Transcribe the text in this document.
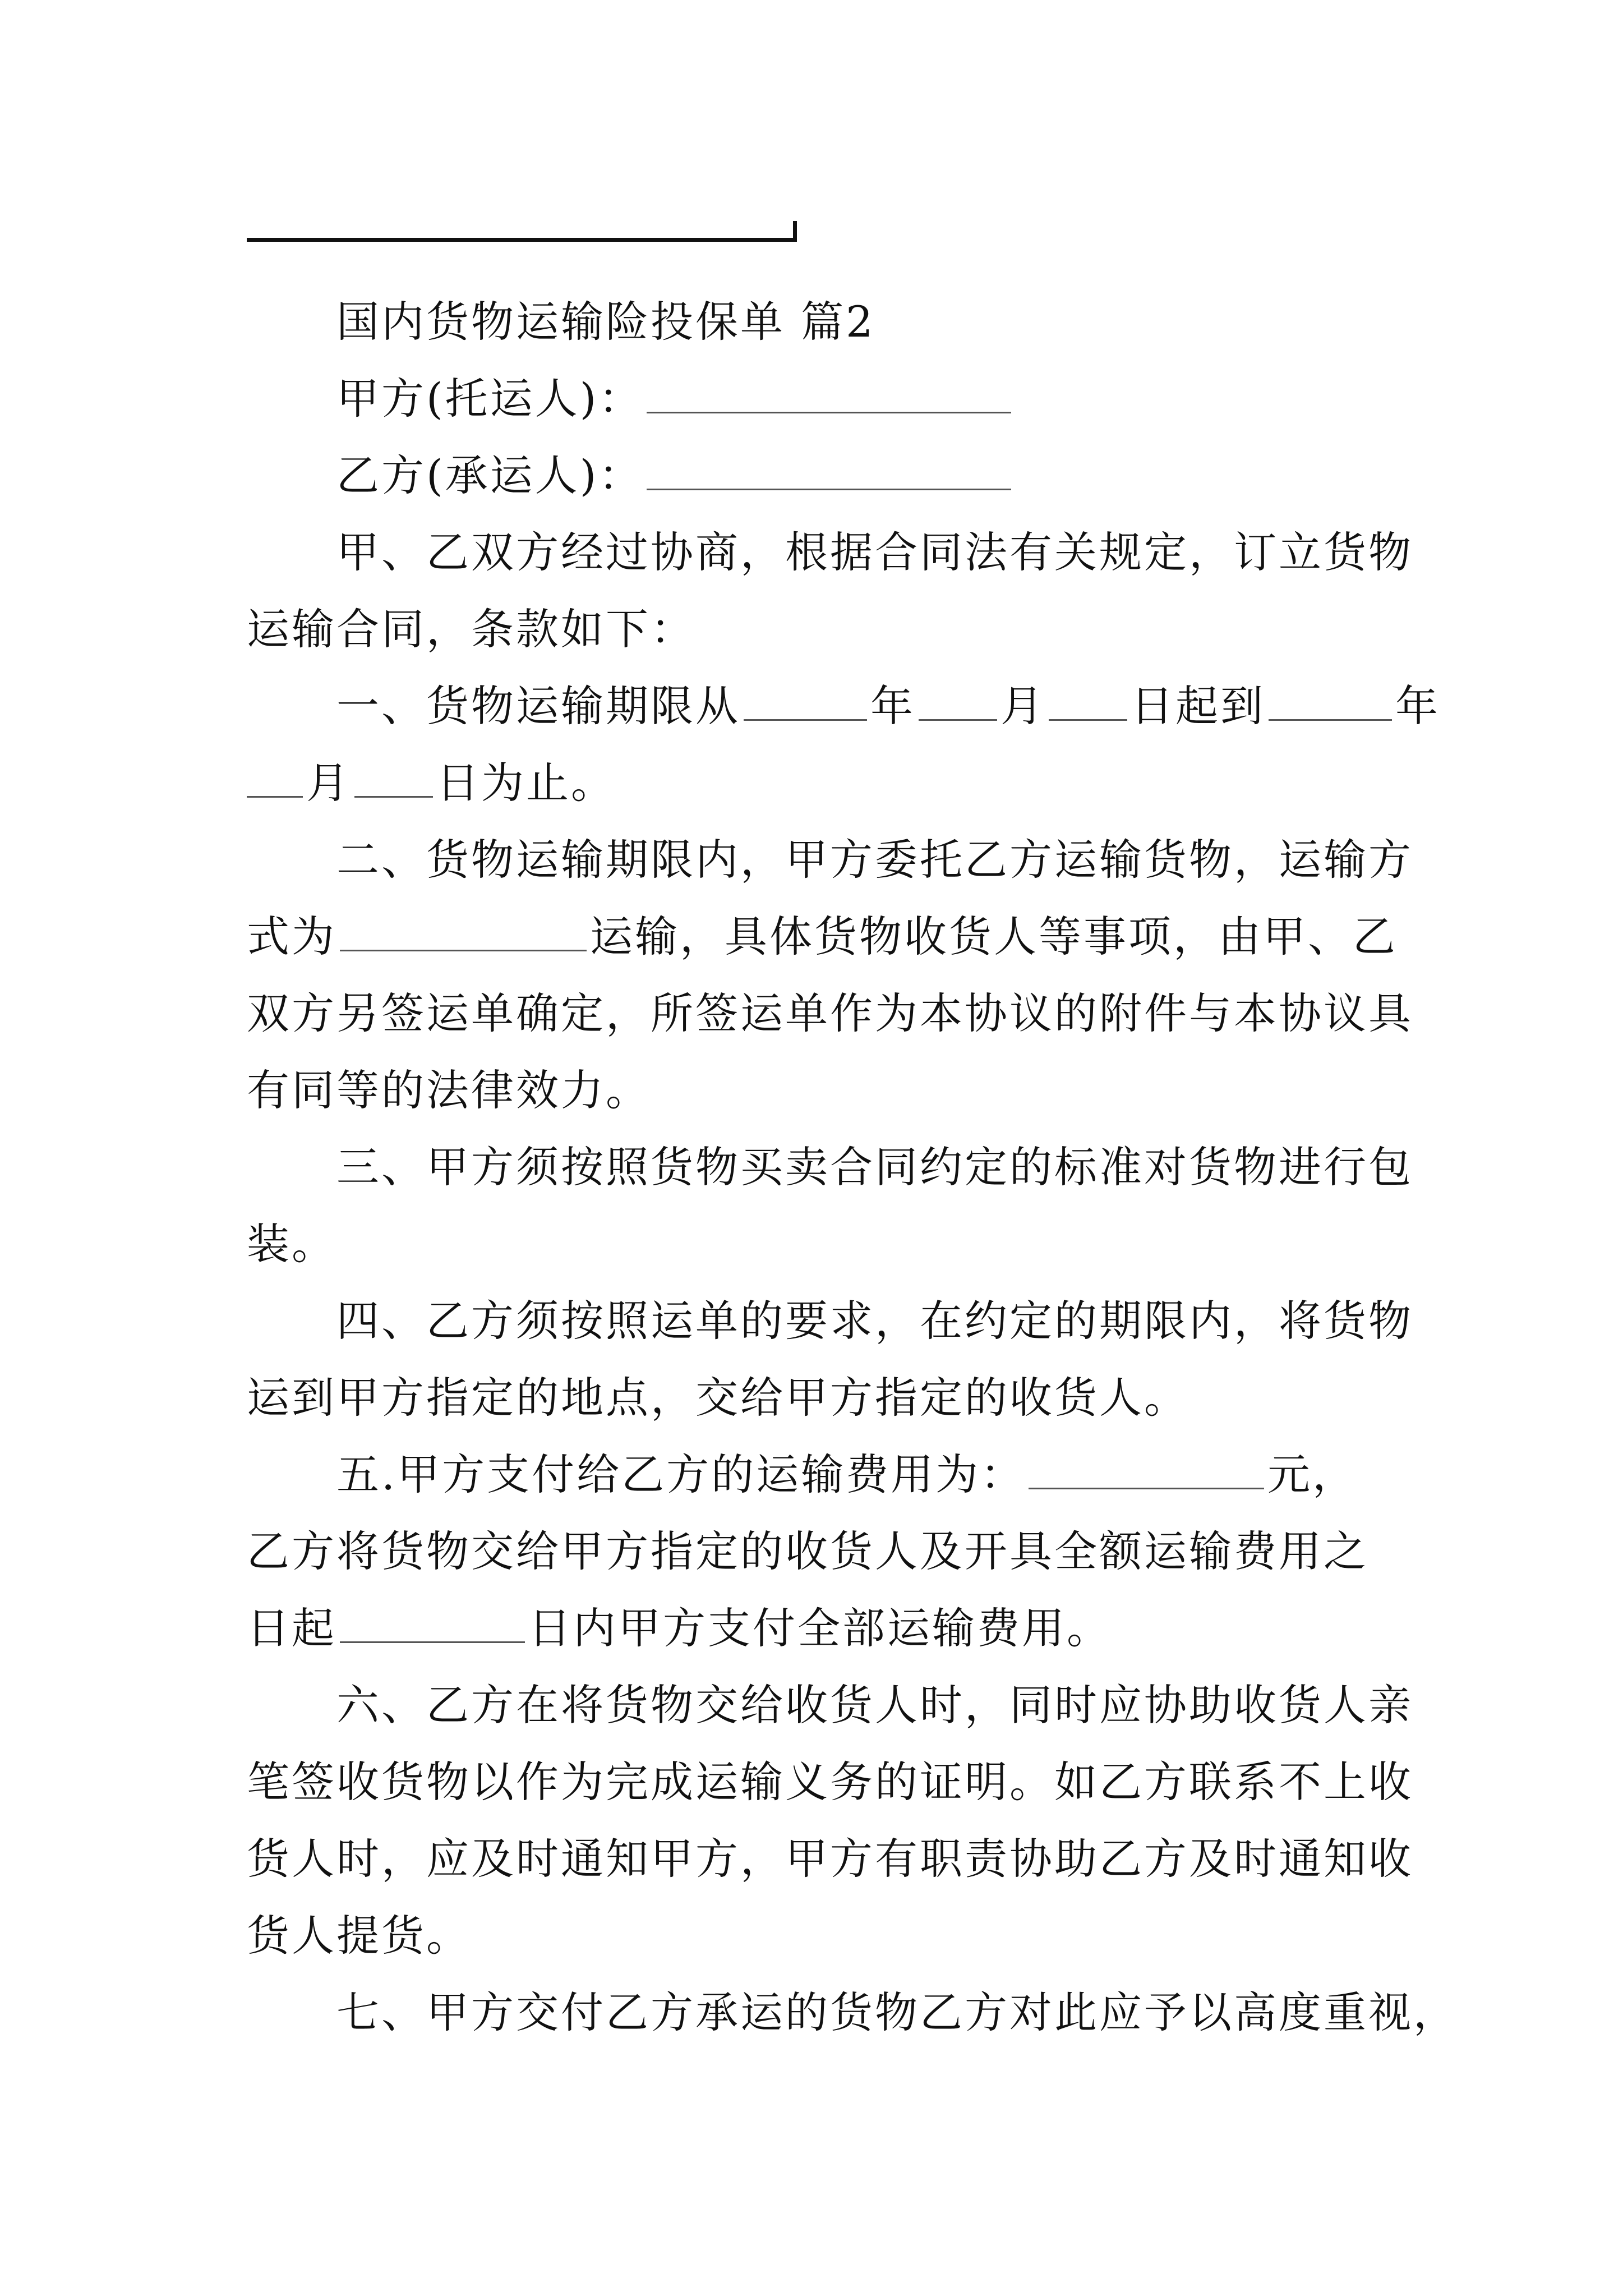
国内货物运输险投保单 篇2
甲方(托运人)：
乙方(承运人)：
甲、乙双方经过协商，根据合同法有关规定，订立货物
运输合同，条款如下：
一、货物运输期限从	年 月 日起到	年
月 日为止。
二、货物运输期限内，甲方委托乙方运输货物，运输方
式为	运输，具体货物收货人等事项，由甲、乙
双方另签运单确定，所签运单作为本协议的附件与本协议具
有同等的法律效力。
三、甲方须按照货物买卖合同约定的标准对货物进行包
装。
四、乙方须按照运单的要求，在约定的期限内，将货物
运到甲方指定的地点，交给甲方指定的收货人。
五.甲方支付给乙方的运输费用为：	元，
乙方将货物交给甲方指定的收货人及开具全额运输费用之
日起	日内甲方支付全部运输费用。
六、乙方在将货物交给收货人时，同时应协助收货人亲
笔签收货物以作为完成运输义务的证明。如乙方联系不上收
货人时，应及时通知甲方，甲方有职责协助乙方及时通知收
货人提货。
七、甲方交付乙方承运的货物乙方对此应予以高度重视，
